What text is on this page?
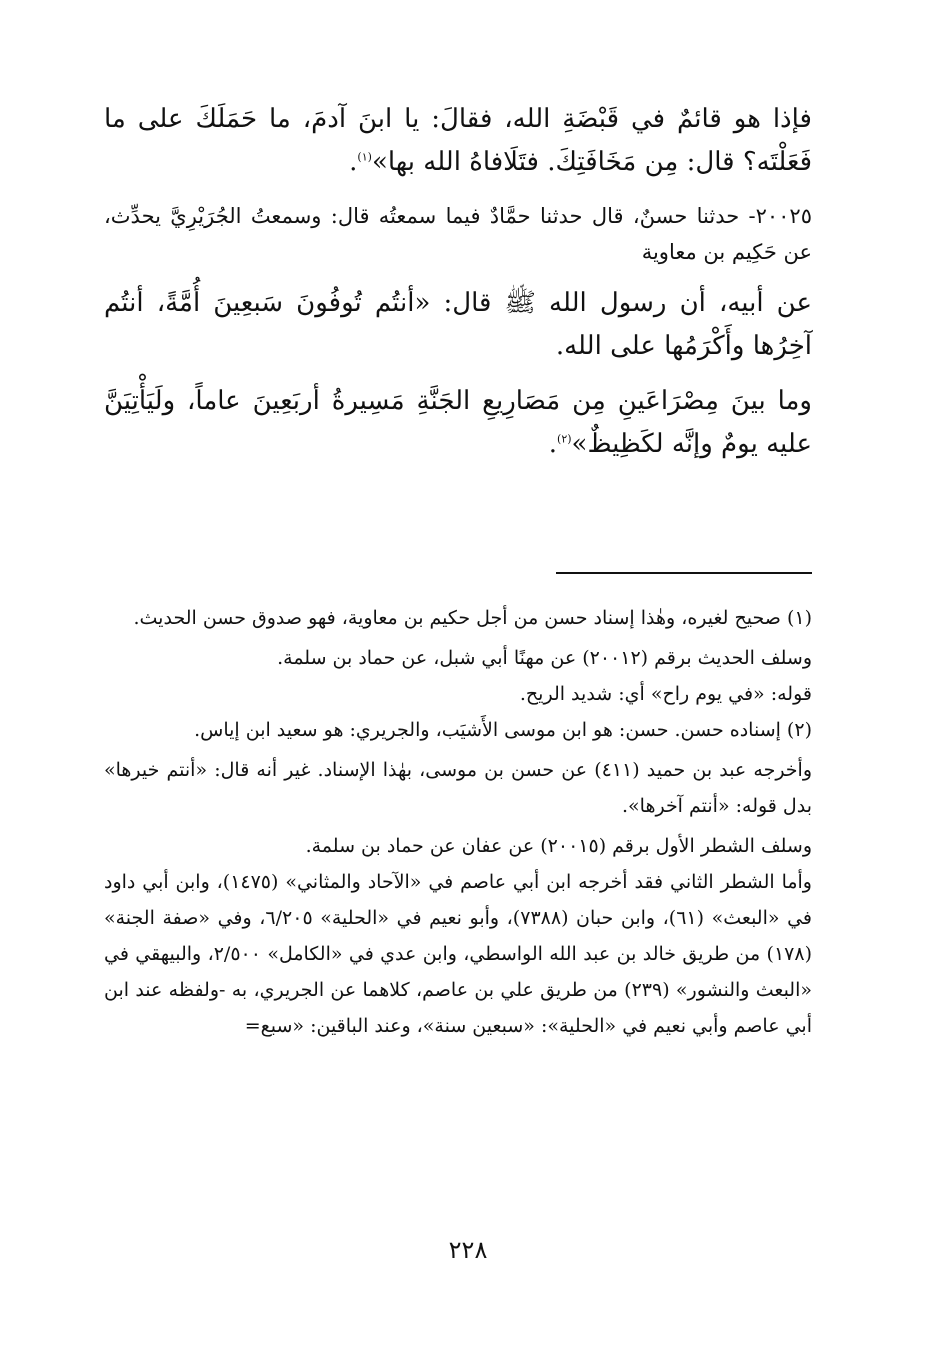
فإذا هو قائمٌ في قَبْضَةِ الله، فقالَ: يا ابنَ آدمَ، ما حَمَلَكَ على ما فَعَلْتَه؟ قال: مِن مَخَافَتِكَ. فتَلَافاهُ الله بها»$^{(١)}$.

٢٠٠٢٥- حدثنا حسنٌ، قال حدثنا حمَّادٌ فيما سمعتُه قال: وسمعتُ الجُرَيْرِيَّ يحدِّث، عن حَكِيم بن معاوية

عن أبيه، أن رسول الله ﷺ قال: «أنتُم تُوفُونَ سَبعِينَ أُمَّةً، أنتُم آخِرُها وأَكْرَمُها على الله.

وما بينَ مِصْرَاعَينِ مِن مَصَارِيعِ الجَنَّةِ مَسِيرةُ أربَعِينَ عاماً، ولَيَأْتِيَنَّ عليه يومٌ وإنَّه لكَظِيظٌ»$^{(٢)}$.

(١) صحيح لغيره، وهٰذا إسناد حسن من أجل حكيم بن معاوية، فهو صدوق حسن الحديث.

وسلف الحديث برقم (٢٠٠١٢) عن مهنًا أبي شبل، عن حماد بن سلمة.

قوله: «في يوم راح» أي: شديد الريح.

(٢) إسناده حسن. حسن: هو ابن موسى الأَشيَب، والجريري: هو سعيد ابن إياس.

وأخرجه عبد بن حميد (٤١١) عن حسن بن موسى، بهٰذا الإسناد. غير أنه قال: «أنتم خيرها» بدل قوله: «أنتم آخرها».

وسلف الشطر الأول برقم (٢٠٠١٥) عن عفان عن حماد بن سلمة.

وأما الشطر الثاني فقد أخرجه ابن أبي عاصم في «الآحاد والمثاني» (١٤٧٥)، وابن أبي داود في «البعث» (٦١)، وابن حبان (٧٣٨٨)، وأبو نعيم في «الحلية» ٦/٢٠٥، وفي «صفة الجنة» (١٧٨) من طريق خالد بن عبد الله الواسطي، وابن عدي في «الكامل» ٢/٥٠٠، والبيهقي في «البعث والنشور» (٢٣٩) من طريق علي بن عاصم، كلاهما عن الجريري، به -ولفظه عند ابن أبي عاصم وأبي نعيم في «الحلية»: «سبعين سنة»، وعند الباقين: «سبع=

٢٢٨
